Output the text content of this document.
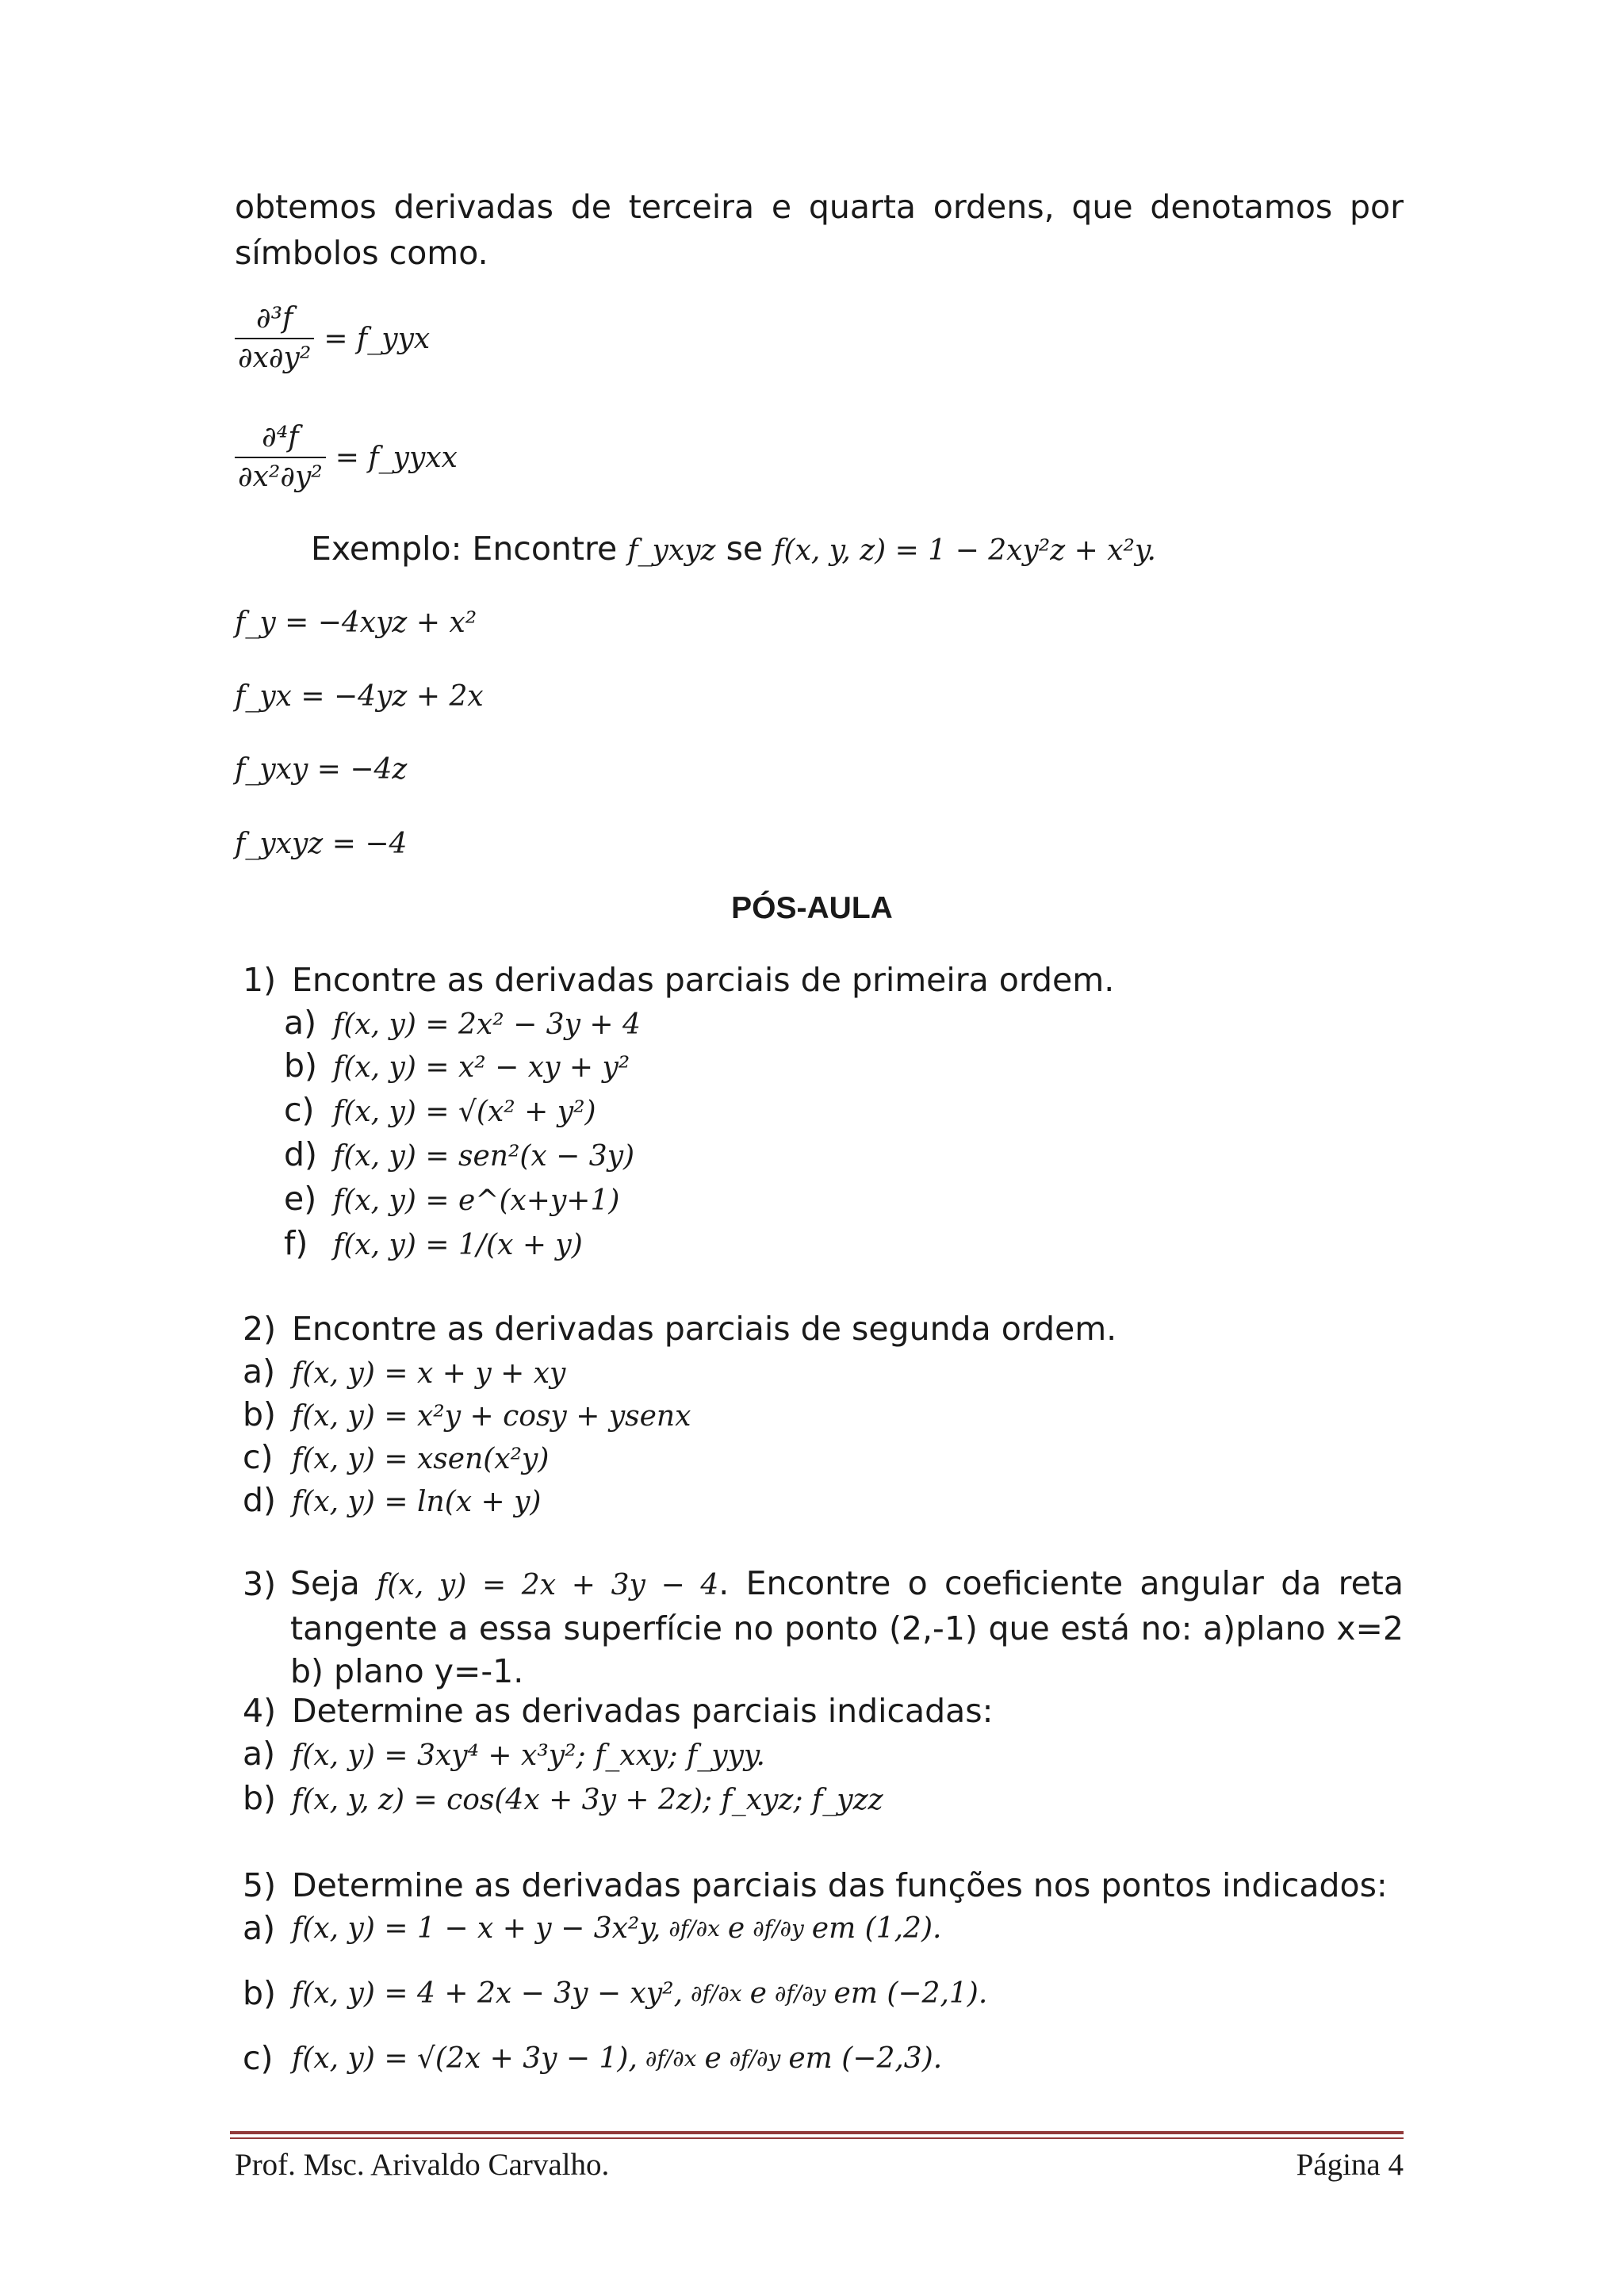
obtemos derivadas de terceira e quarta ordens, que denotamos por símbolos como.
$\frac{\text{∂³f}}{\text{∂x∂y²}}$ = f_yyx
$\frac{\text{∂⁴f}}{\text{∂x²∂y²}}$ = f_yyxx
Exemplo: Encontre f_yxyz se f(x, y, z) = 1 − 2xy²z + x²y.
f_y = −4xyz + x²
f_yx = −4yz + 2x
f_yxy = −4z
f_yxyz = −4
PÓS-AULA
1) Encontre as derivadas parciais de primeira ordem.
a) f(x, y) = 2x² − 3y + 4
b) f(x, y) = x² − xy + y²
c) f(x, y) = √(x² + y²)
d) f(x, y) = sen²(x − 3y)
e) f(x, y) = e^(x+y+1)
f) f(x, y) = 1/(x + y)
2) Encontre as derivadas parciais de segunda ordem.
a) f(x, y) = x + y + xy
b) f(x, y) = x²y + cosy + ysenx
c) f(x, y) = xsen(x²y)
d) f(x, y) = ln(x + y)
3) Seja f(x, y) = 2x + 3y − 4. Encontre o coeficiente angular da reta tangente a essa superfície no ponto (2,-1) que está no: a)plano x=2 b) plano y=-1.
4) Determine as derivadas parciais indicadas:
a) f(x, y) = 3xy⁴ + x³y²; f_xxy; f_yyy.
b) f(x, y, z) = cos(4x + 3y + 2z); f_xyz; f_yzz
5) Determine as derivadas parciais das funções nos pontos indicados:
a) f(x, y) = 1 − x + y − 3x²y, ∂f/∂x e ∂f/∂y em (1,2).
b) f(x, y) = 4 + 2x − 3y − xy², ∂f/∂x e ∂f/∂y em (−2,1).
c) f(x, y) = √(2x + 3y − 1), ∂f/∂x e ∂f/∂y em (−2,3).
Prof. Msc. Arivaldo Carvalho.	Página 4
